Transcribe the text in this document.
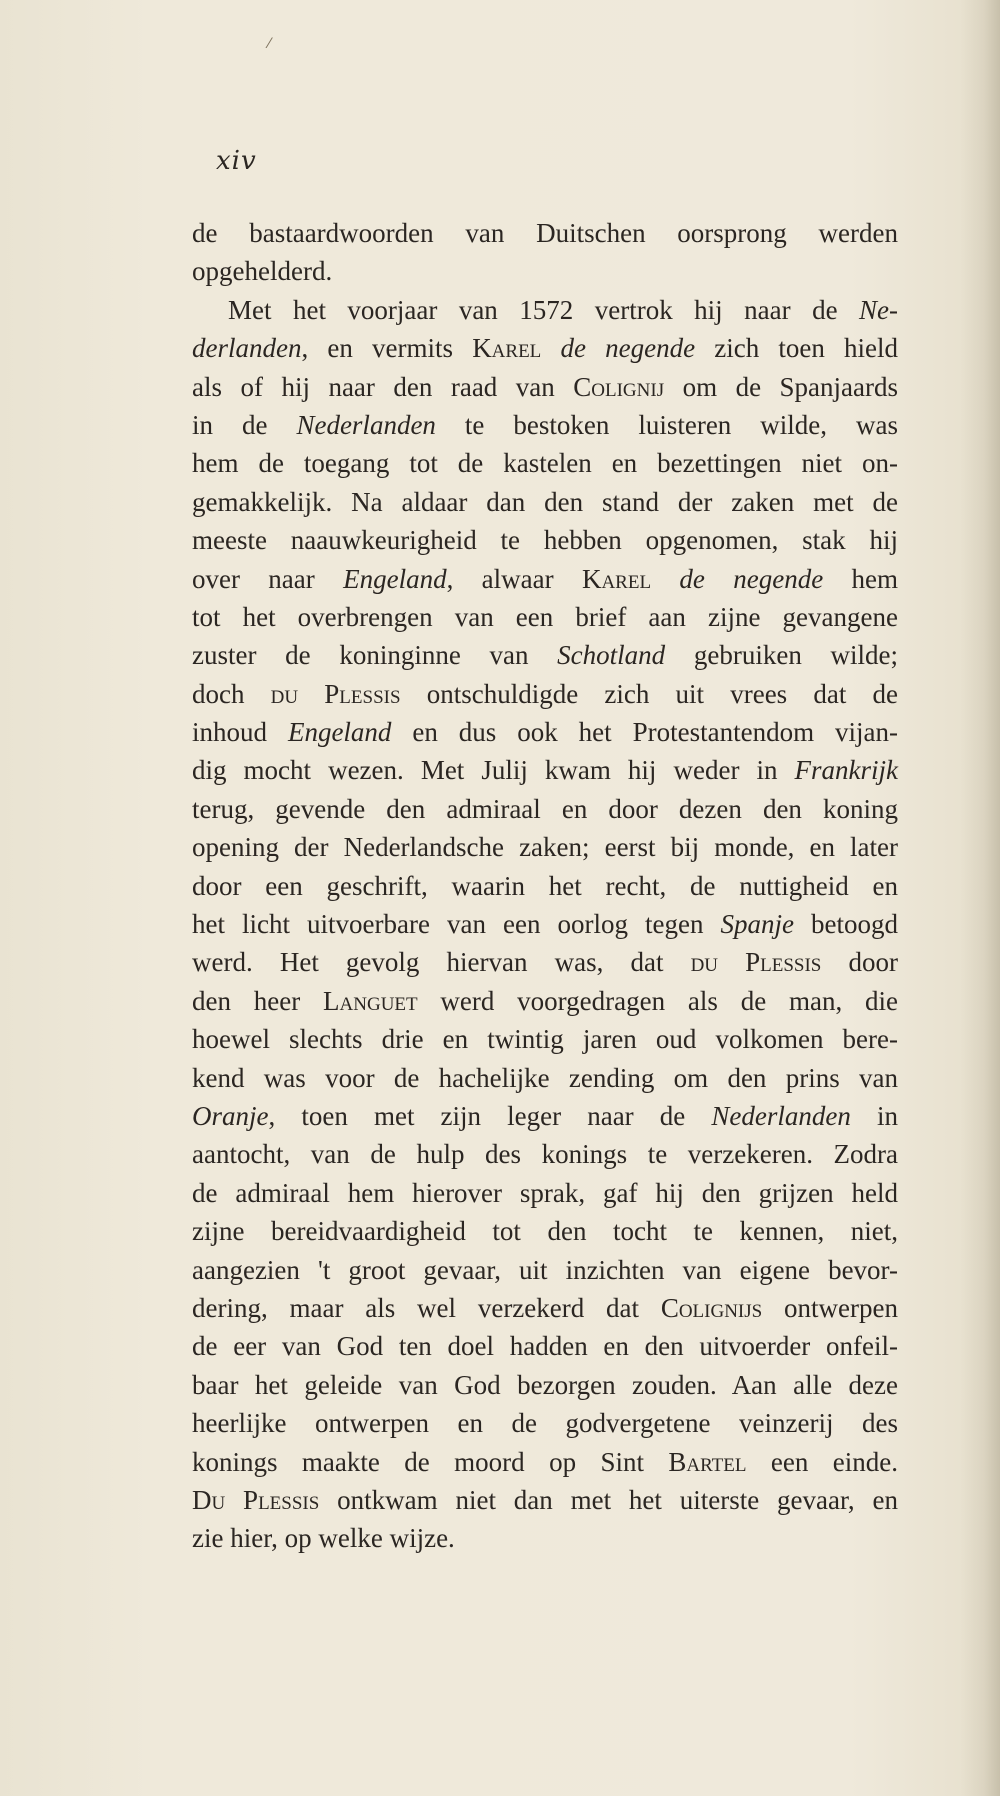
⁄
xiv
de bastaardwoorden van Duitschen oorsprong werden
opgehelderd.
Met het voorjaar van 1572 vertrok hij naar de Ne-
derlanden, en vermits Karel de negende zich toen hield
als of hij naar den raad van Colignij om de Spanjaards
in de Nederlanden te bestoken luisteren wilde, was
hem de toegang tot de kastelen en bezettingen niet on-
gemakkelijk. Na aldaar dan den stand der zaken met de
meeste naauwkeurigheid te hebben opgenomen, stak hij
over naar Engeland, alwaar Karel de negende hem
tot het overbrengen van een brief aan zijne gevangene
zuster de koninginne van Schotland gebruiken wilde;
doch du Plessis ontschuldigde zich uit vrees dat de
inhoud Engeland en dus ook het Protestantendom vijan-
dig mocht wezen. Met Julij kwam hij weder in Frankrijk
terug, gevende den admiraal en door dezen den koning
opening der Nederlandsche zaken; eerst bij monde, en later
door een geschrift, waarin het recht, de nuttigheid en
het licht uitvoerbare van een oorlog tegen Spanje betoogd
werd. Het gevolg hiervan was, dat du Plessis door
den heer Languet werd voorgedragen als de man, die
hoewel slechts drie en twintig jaren oud volkomen bere-
kend was voor de hachelijke zending om den prins van
Oranje, toen met zijn leger naar de Nederlanden in
aantocht, van de hulp des konings te verzekeren. Zodra
de admiraal hem hierover sprak, gaf hij den grijzen held
zijne bereidvaardigheid tot den tocht te kennen, niet,
aangezien 't groot gevaar, uit inzichten van eigene bevor-
dering, maar als wel verzekerd dat Colignijs ontwerpen
de eer van God ten doel hadden en den uitvoerder onfeil-
baar het geleide van God bezorgen zouden. Aan alle deze
heerlijke ontwerpen en de godvergetene veinzerij des
konings maakte de moord op Sint Bartel een einde.
Du Plessis ontkwam niet dan met het uiterste gevaar, en
zie hier, op welke wijze.
